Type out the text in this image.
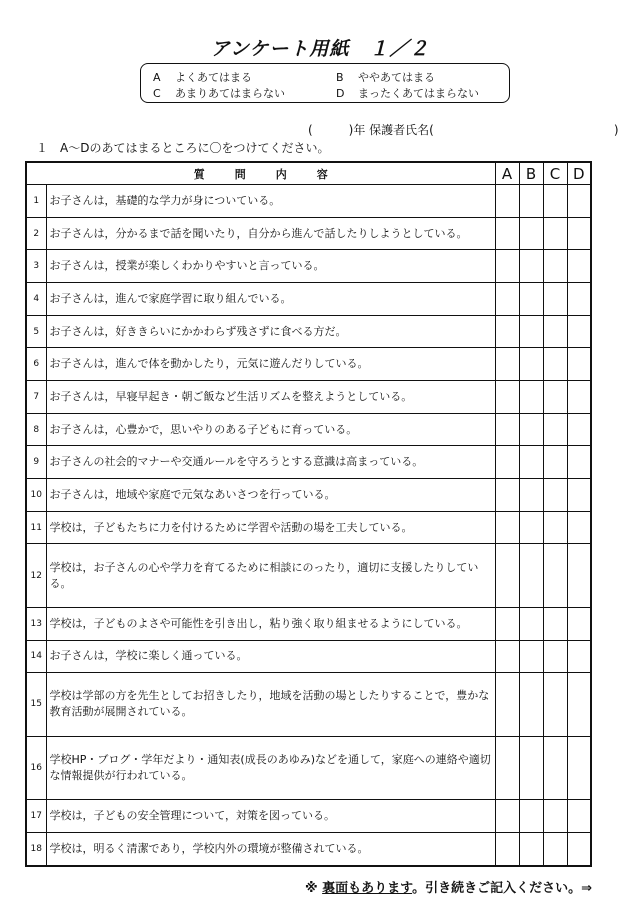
アンケート用紙　１／２
A よくあてはまる	B ややあてはまる
C あまりあてはまらない	D まったくあてはまらない
(　　　)年 保護者氏名(　　　　　　　　　　　　　　　)
１　A～Dのあてはまるところに〇をつけてください。
質問内容		A	B	C	D
1	お子さんは，基礎的な学力が身についている。				
2	お子さんは，分かるまで話を聞いたり，自分から進んで話したりしようとしている。				
3	お子さんは，授業が楽しくわかりやすいと言っている。				
4	お子さんは，進んで家庭学習に取り組んでいる。				
5	お子さんは，好ききらいにかかわらず残さずに食べる方だ。				
6	お子さんは，進んで体を動かしたり，元気に遊んだりしている。				
7	お子さんは，早寝早起き・朝ご飯など生活リズムを整えようとしている。				
8	お子さんは，心豊かで，思いやりのある子どもに育っている。				
9	お子さんの社会的マナーや交通ルールを守ろうとする意識は高まっている。				
10	お子さんは，地域や家庭で元気なあいさつを行っている。				
11	学校は，子どもたちに力を付けるために学習や活動の場を工夫している。				
12	学校は，お子さんの心や学力を育てるために相談にのったり，適切に支援したりしている。				
13	学校は，子どものよさや可能性を引き出し，粘り強く取り組ませるようにしている。				
14	お子さんは，学校に楽しく通っている。				
15	学校は学部の方を先生としてお招きしたり，地域を活動の場としたりすることで，豊かな教育活動が展開されている。				
16	学校HP・ブログ・学年だより・通知表(成長のあゆみ)などを通して，家庭への連絡や適切な情報提供が行われている。				
17	学校は，子どもの安全管理について，対策を図っている。				
18	学校は，明るく清潔であり，学校内外の環境が整備されている。				
※ 裏面もあります。引き続きご記入ください。⇒
